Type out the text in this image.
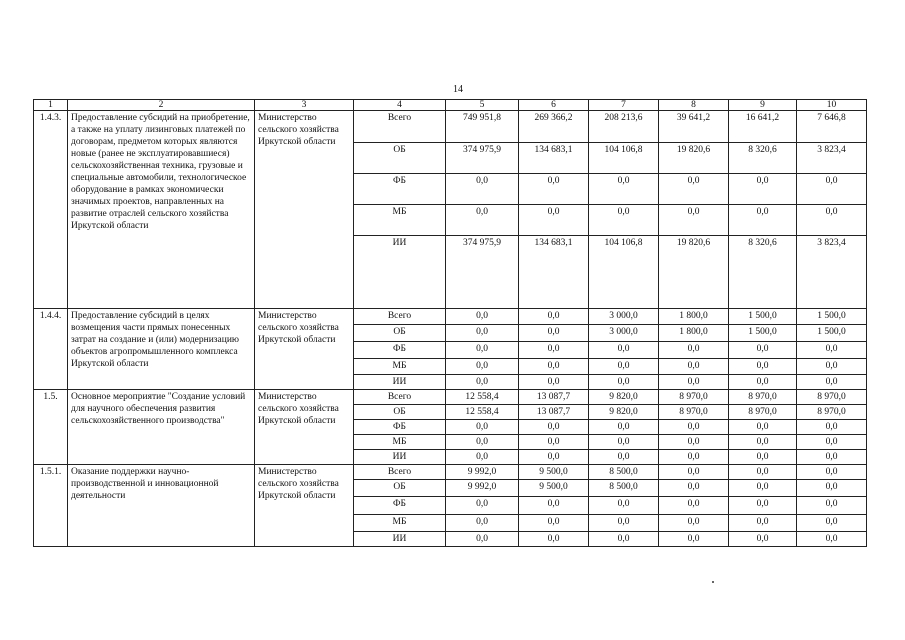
14
1	2	3	4	5	6	7	8	9	10
1.4.3.	Предоставление субсидий на приобретение, а также на уплату лизинговых платежей по договорам, предметом которых являются новые (ранее не эксплуатировавшиеся) сельскохозяйственная техника, грузовые и специальные автомобили, технологическое оборудование в рамках экономически значимых проектов, направленных на развитие отраслей сельского хозяйства Иркутской области	Министерство сельского хозяйства Иркутской области	Всего	749 951,8	269 366,2	208 213,6	39 641,2	16 641,2	7 646,8
			ОБ	374 975,9	134 683,1	104 106,8	19 820,6	8 320,6	3 823,4
			ФБ	0,0	0,0	0,0	0,0	0,0	0,0
			МБ	0,0	0,0	0,0	0,0	0,0	0,0
			ИИ	374 975,9	134 683,1	104 106,8	19 820,6	8 320,6	3 823,4
1.4.4.	Предоставление субсидий в целях возмещения части прямых понесенных затрат на создание и (или) модернизацию объектов агропромышленного комплекса Иркутской области	Министерство сельского хозяйства Иркутской области	Всего	0,0	0,0	3 000,0	1 800,0	1 500,0	1 500,0
			ОБ	0,0	0,0	3 000,0	1 800,0	1 500,0	1 500,0
			ФБ	0,0	0,0	0,0	0,0	0,0	0,0
			МБ	0,0	0,0	0,0	0,0	0,0	0,0
			ИИ	0,0	0,0	0,0	0,0	0,0	0,0
1.5.	Основное мероприятие "Создание условий для научного обеспечения развития сельскохозяйственного производства"	Министерство сельского хозяйства Иркутской области	Всего	12 558,4	13 087,7	9 820,0	8 970,0	8 970,0	8 970,0
			ОБ	12 558,4	13 087,7	9 820,0	8 970,0	8 970,0	8 970,0
			ФБ	0,0	0,0	0,0	0,0	0,0	0,0
			МБ	0,0	0,0	0,0	0,0	0,0	0,0
			ИИ	0,0	0,0	0,0	0,0	0,0	0,0
1.5.1.	Оказание поддержки научно-производственной и инновационной деятельности	Министерство сельского хозяйства Иркутской области	Всего	9 992,0	9 500,0	8 500,0	0,0	0,0	0,0
			ОБ	9 992,0	9 500,0	8 500,0	0,0	0,0	0,0
			ФБ	0,0	0,0	0,0	0,0	0,0	0,0
			МБ	0,0	0,0	0,0	0,0	0,0	0,0
			ИИ	0,0	0,0	0,0	0,0	0,0	0,0
